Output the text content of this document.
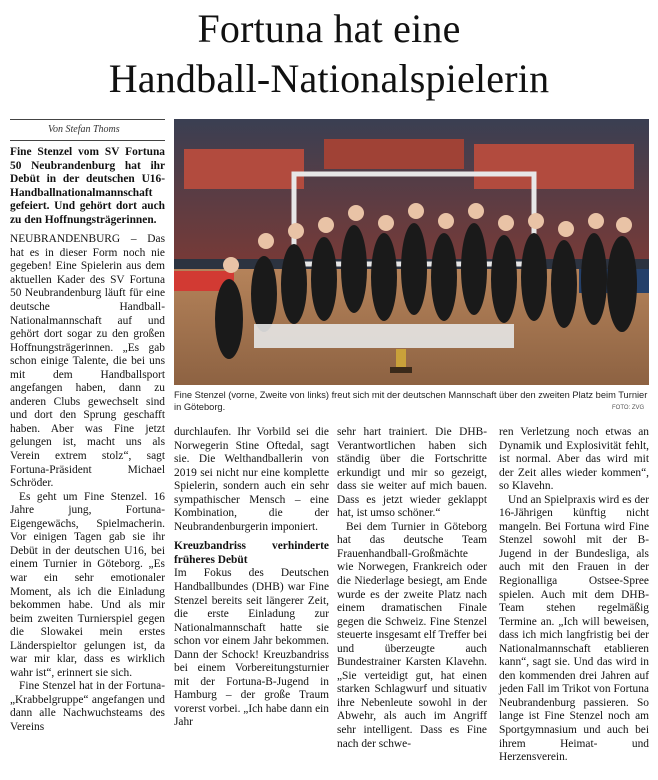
Fortuna hat eine
Handball-Nationalspielerin
Von Stefan Thoms

Fine Stenzel vom SV Fortuna 50 Neubrandenburg hat ihr Debüt in der deutschen U16-Handballnationalmannschaft gefeiert. Und gehört dort auch zu den Hoffnungsträgerinnen.

NEUBRANDENBURG – Das hat es in dieser Form noch nie gegeben! Eine Spielerin aus dem aktuellen Kader des SV Fortuna 50 Neubrandenburg läuft für eine deutsche Handball-Nationalmannschaft auf und gehört dort sogar zu den großen Hoffnungsträgerinnen. „Es gab schon einige Talente, die bei uns mit dem Handballsport angefangen haben, dann zu anderen Clubs gewechselt sind und dort den Sprung geschafft haben. Aber was Fine jetzt gelungen ist, macht uns als Verein extrem stolz“, sagt Fortuna-Präsident Michael Schröder.

Es geht um Fine Stenzel. 16 Jahre jung, Fortuna-Eigengewächs, Spielmacherin. Vor einigen Tagen gab sie ihr Debüt in der deutschen U16, bei einem Turnier in Göteborg. „Es war ein sehr emotionaler Moment, als ich die Einladung bekommen habe. Und als mir beim zweiten Turnierspiel gegen die Slowakei mein erstes Länderspieltor gelungen ist, da war mir klar, dass es wirklich wahr ist“, erinnert sie sich.

Fine Stenzel hat in der Fortuna-„Krabbelgruppe“ angefangen und dann alle Nachwuchsteams des Vereins

Fine Stenzel (vorne, Zweite von links) freut sich mit der deutschen Mannschaft über den zweiten Platz beim Turnier in Göteborg.	FOTO: ZVG

durchlaufen. Ihr Vorbild sei die Norwegerin Stine Oftedal, sagt sie. Die Welthandballerin von 2019 sei nicht nur eine komplette Spielerin, sondern auch ein sehr sympathischer Mensch – eine Kombination, die der Neubrandenburgerin imponiert.

Kreuzbandriss verhinderte früheres Debüt

Im Fokus des Deutschen Handballbundes (DHB) war Fine Stenzel bereits seit längerer Zeit, die erste Einladung zur Nationalmannschaft hatte sie schon vor einem Jahr bekommen. Dann der Schock! Kreuzbandriss bei einem Vorbereitungsturnier mit der Fortuna-B-Jugend in Hamburg – der große Traum vorerst vorbei. „Ich habe dann ein Jahr

sehr hart trainiert. Die DHB-Verantwortlichen haben sich ständig über die Fortschritte erkundigt und mir so gezeigt, dass sie weiter auf mich bauen. Dass es jetzt wieder geklappt hat, ist umso schöner.“

Bei dem Turnier in Göteborg hat das deutsche Team Frauenhandball-Großmächte wie Norwegen, Frankreich oder die Niederlage besiegt, am Ende wurde es der zweite Platz nach einem dramatischen Finale gegen die Schweiz. Fine Stenzel steuerte insgesamt elf Treffer bei und überzeugte auch Bundestrainer Karsten Klavehn. „Sie verteidigt gut, hat einen starken Schlagwurf und situativ ihre Nebenleute sowohl in der Abwehr, als auch im Angriff sehr intelligent. Dass es Fine nach der schwe-

ren Verletzung noch etwas an Dynamik und Explosivität fehlt, ist normal. Aber das wird mit der Zeit alles wieder kommen“, so Klavehn.

Und an Spielpraxis wird es der 16-Jährigen künftig nicht mangeln. Bei Fortuna wird Fine Stenzel sowohl mit der B-Jugend in der Bundesliga, als auch mit den Frauen in der Regionalliga Ostsee-Spree spielen. Auch mit dem DHB-Team stehen regelmäßig Termine an. „Ich will beweisen, dass ich mich langfristig bei der Nationalmannschaft etablieren kann“, sagt sie. Und das wird in den kommenden drei Jahren auf jeden Fall im Trikot von Fortuna Neubrandenburg passieren. So lange ist Fine Stenzel noch am Sportgymnasium und auch bei ihrem Heimat- und Herzensverein.
